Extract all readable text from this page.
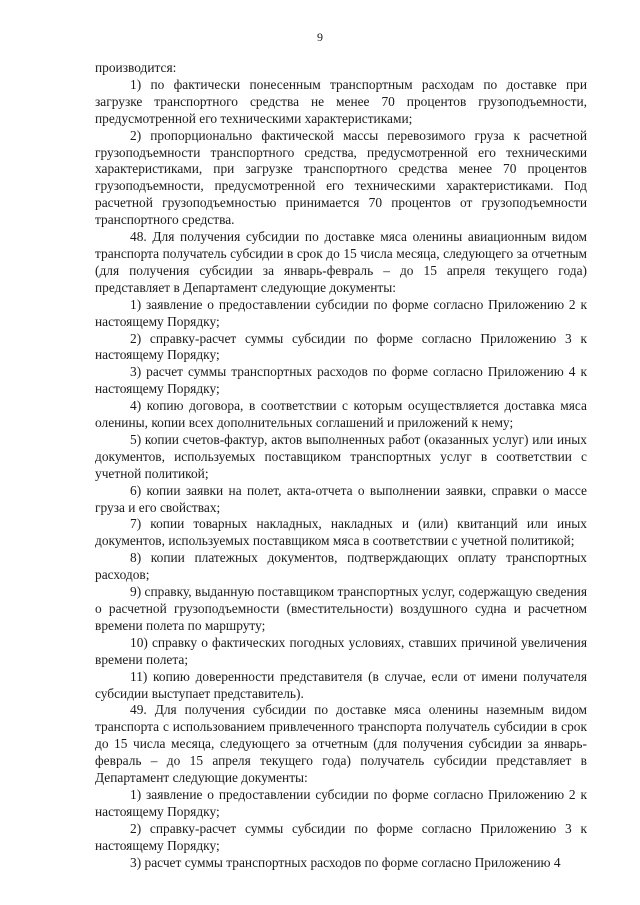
9

производится:

1) по фактически понесенным транспортным расходам по доставке при загрузке транспортного средства не менее 70 процентов грузоподъемности, предусмотренной его техническими характеристиками;

2) пропорционально фактической массы перевозимого груза к расчетной грузоподъемности транспортного средства, предусмотренной его техническими характеристиками, при загрузке транспортного средства менее 70 процентов грузоподъемности, предусмотренной его техническими характеристиками. Под расчетной грузоподъемностью принимается 70 процентов от грузоподъемности транспортного средства.

48. Для получения субсидии по доставке мяса оленины авиационным видом транспорта получатель субсидии в срок до 15 числа месяца, следующего за отчетным (для получения субсидии за январь-февраль – до 15 апреля текущего года) представляет в Департамент следующие документы:

1) заявление о предоставлении субсидии по форме согласно Приложению 2 к настоящему Порядку;

2) справку-расчет суммы субсидии по форме согласно Приложению 3 к настоящему Порядку;

3) расчет суммы транспортных расходов по форме согласно Приложению 4 к настоящему Порядку;

4) копию договора, в соответствии с которым осуществляется доставка мяса оленины, копии всех дополнительных соглашений и приложений к нему;

5) копии счетов-фактур, актов выполненных работ (оказанных услуг) или иных документов, используемых поставщиком транспортных услуг в соответствии с учетной политикой;

6) копии заявки на полет, акта-отчета о выполнении заявки, справки о массе груза и его свойствах;

7) копии товарных накладных, накладных и (или) квитанций или иных документов, используемых поставщиком мяса в соответствии с учетной политикой;

8) копии платежных документов, подтверждающих оплату транспортных расходов;

9) справку, выданную поставщиком транспортных услуг, содержащую сведения о расчетной грузоподъемности (вместительности) воздушного судна и расчетном времени полета по маршруту;

10) справку о фактических погодных условиях, ставших причиной увеличения времени полета;

11) копию доверенности представителя (в случае, если от имени получателя субсидии выступает представитель).

49. Для получения субсидии по доставке мяса оленины наземным видом транспорта с использованием привлеченного транспорта получатель субсидии в срок до 15 числа месяца, следующего за отчетным (для получения субсидии за январь-февраль – до 15 апреля текущего года) получатель субсидии представляет в Департамент следующие документы:

1) заявление о предоставлении субсидии по форме согласно Приложению 2 к настоящему Порядку;

2) справку-расчет суммы субсидии по форме согласно Приложению 3 к настоящему Порядку;

3) расчет суммы транспортных расходов по форме согласно Приложению 4
